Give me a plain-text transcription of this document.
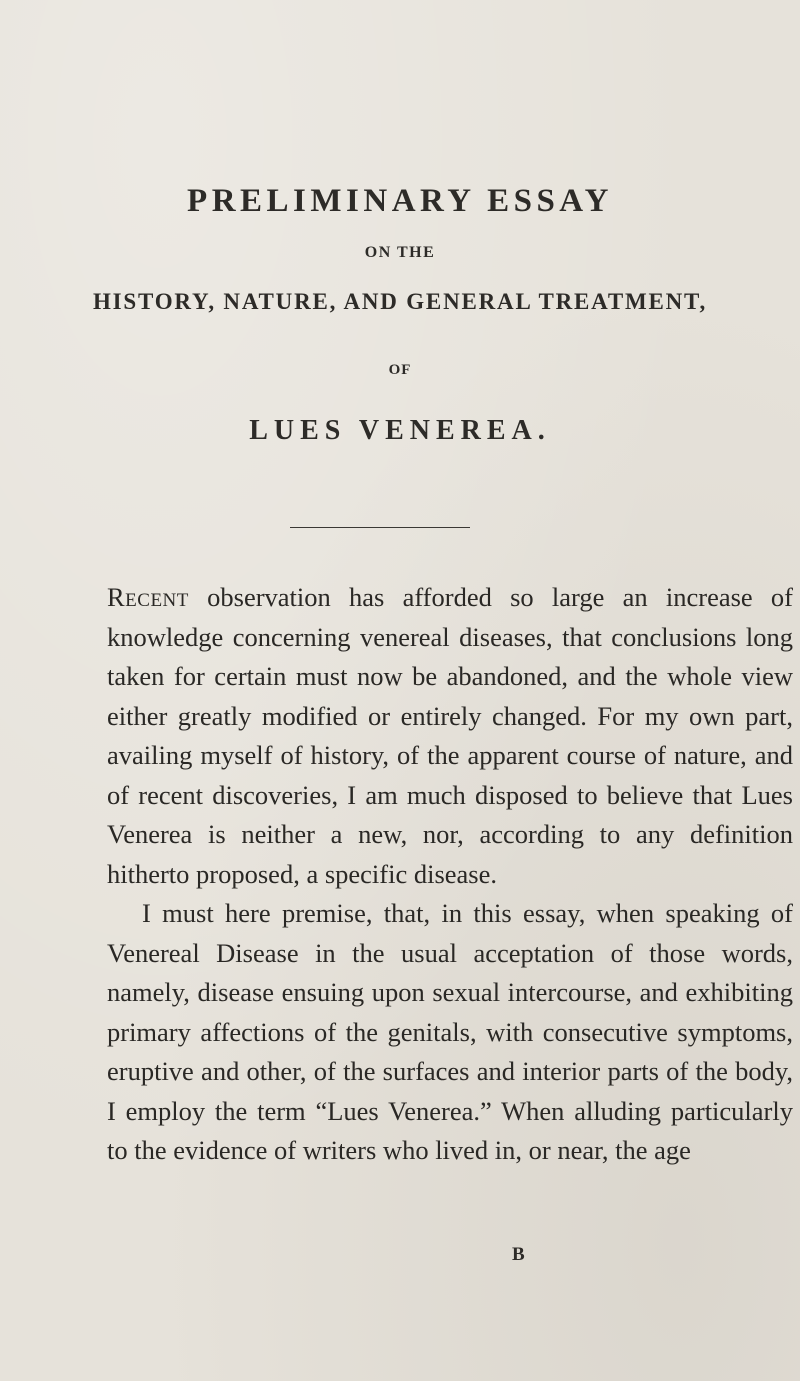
PRELIMINARY ESSAY
ON THE
HISTORY, NATURE, AND GENERAL TREATMENT,
OF
LUES VENEREA.

Recent observation has afforded so large an increase of knowledge concerning venereal diseases, that conclusions long taken for certain must now be abandoned, and the whole view either greatly modified or entirely changed. For my own part, availing myself of history, of the apparent course of nature, and of recent discoveries, I am much disposed to believe that Lues Venerea is neither a new, nor, according to any definition hitherto proposed, a specific disease.

I must here premise, that, in this essay, when speaking of Venereal Disease in the usual acceptation of those words, namely, disease ensuing upon sexual intercourse, and exhibiting primary affections of the genitals, with consecutive symptoms, eruptive and other, of the surfaces and interior parts of the body, I employ the term “Lues Venerea.” When alluding particularly to the evidence of writers who lived in, or near, the age

B
